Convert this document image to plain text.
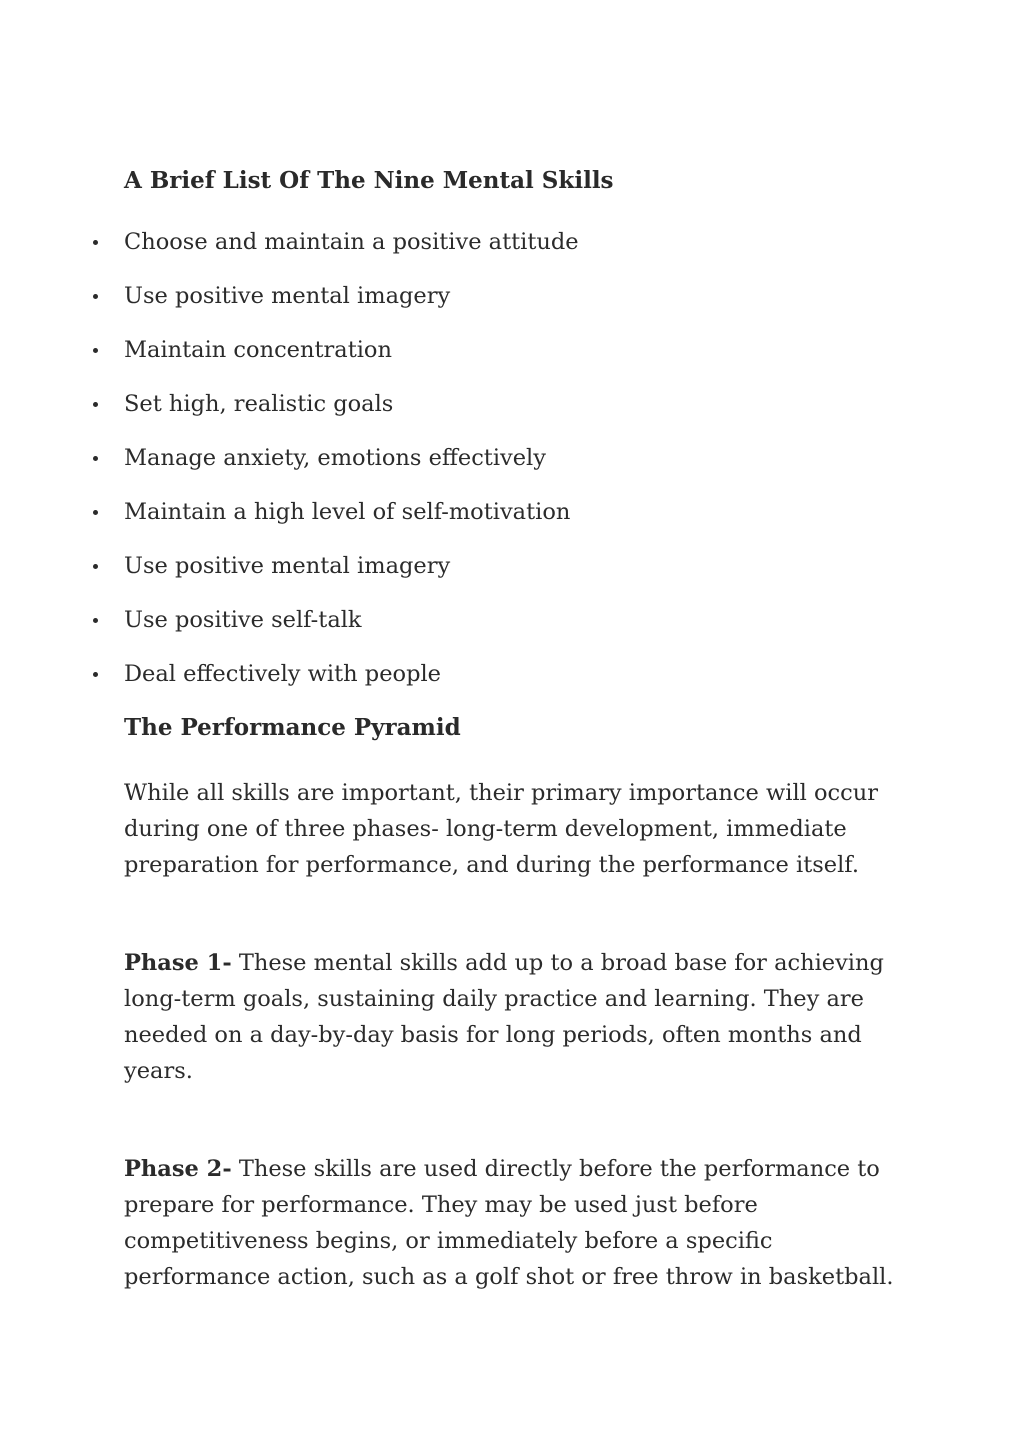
A Brief List Of The Nine Mental Skills
Choose and maintain a positive attitude
Use positive mental imagery
Maintain concentration
Set high, realistic goals
Manage anxiety, emotions effectively
Maintain a high level of self-motivation
Use positive mental imagery
Use positive self-talk
Deal effectively with people
The Performance Pyramid

While all skills are important, their primary importance will occur during one of three phases- long-term development, immediate preparation for performance, and during the performance itself.

Phase 1- These mental skills add up to a broad base for achieving long-term goals, sustaining daily practice and learning. They are needed on a day-by-day basis for long periods, often months and years.

Phase 2- These skills are used directly before the performance to prepare for performance. They may be used just before competitiveness begins, or immediately before a specific performance action, such as a golf shot or free throw in basketball.
